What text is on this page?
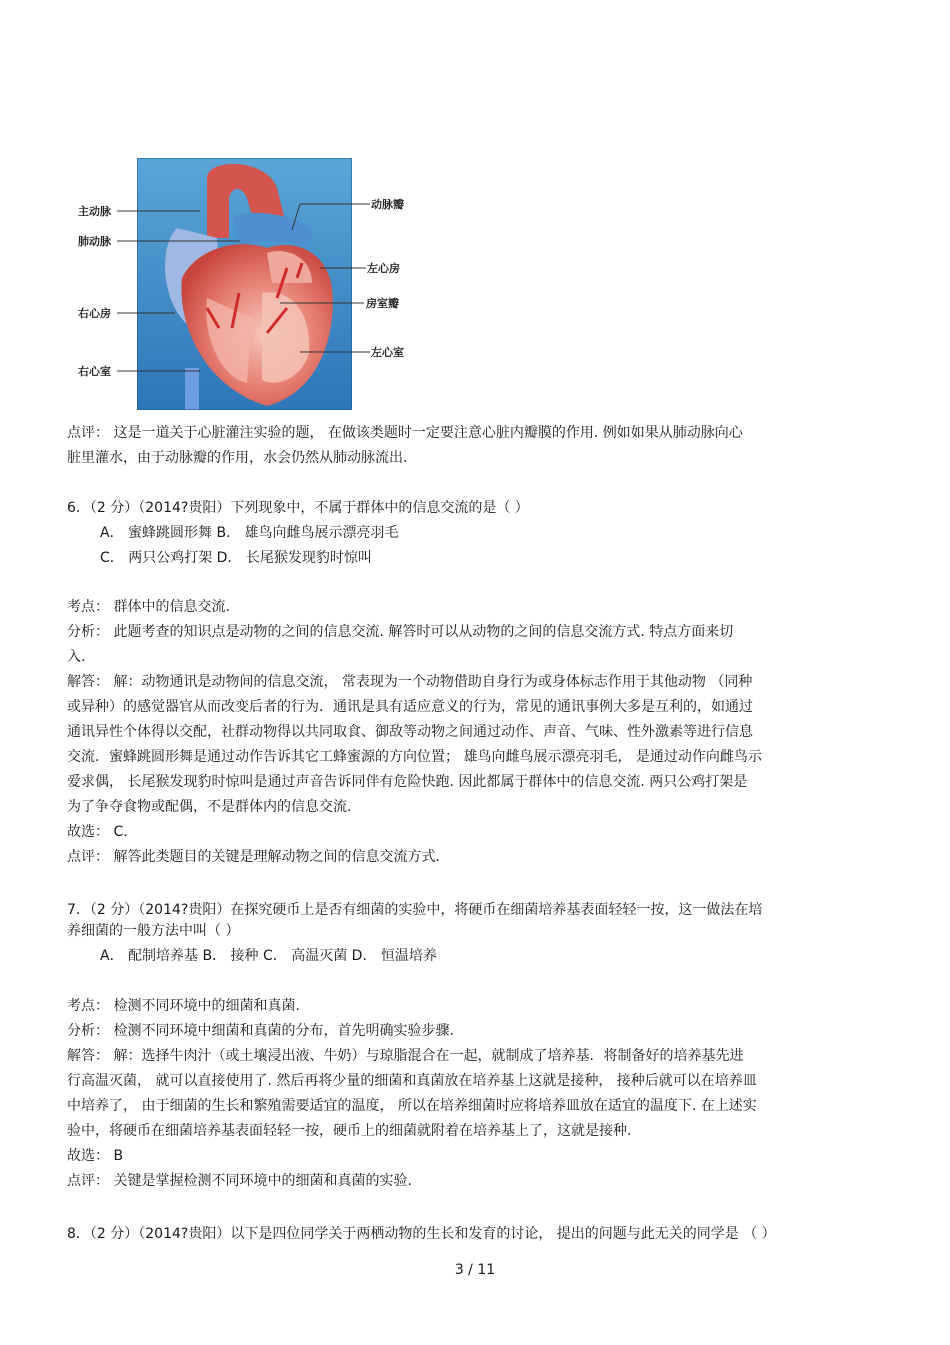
主动脉
肺动脉
右心房
右心室
动脉瓣
左心房
房室瓣
左心室
点评： 这是一道关于心脏灌注实验的题， 在做该类题时一定要注意心脏内瓣膜的作用. 例如如果从肺动脉向心
脏里灌水，由于动脉瓣的作用，水会仍然从肺动脉流出.
6．（2 分）（2014?贵阳）下列现象中，不属于群体中的信息交流的是（ ）
A． 蜜蜂跳圆形舞 B． 雄鸟向雌鸟展示漂亮羽毛
C． 两只公鸡打架 D． 长尾猴发现豹时惊叫
考点： 群体中的信息交流.
分析： 此题考查的知识点是动物的之间的信息交流. 解答时可以从动物的之间的信息交流方式. 特点方面来切
入.
解答： 解：动物通讯是动物间的信息交流， 常表现为一个动物借助自身行为或身体标志作用于其他动物 （同种
或异种）的感觉器官从而改变后者的行为．通讯是具有适应意义的行为，常见的通讯事例大多是互利的，如通过
通讯异性个体得以交配，社群动物得以共同取食、御敌等动物之间通过动作、声音、气味、性外激素等进行信息
交流．蜜蜂跳圆形舞是通过动作告诉其它工蜂蜜源的方向位置； 雄鸟向雌鸟展示漂亮羽毛， 是通过动作向雌鸟示
爱求偶， 长尾猴发现豹时惊叫是通过声音告诉同伴有危险快跑. 因此都属于群体中的信息交流. 两只公鸡打架是
为了争夺食物或配偶，不是群体内的信息交流.
故选： C.
点评： 解答此类题目的关键是理解动物之间的信息交流方式.
7．（2 分）（2014?贵阳）在探究硬币上是否有细菌的实验中，将硬币在细菌培养基表面轻轻一按，这一做法在培
养细菌的一般方法中叫（ ）
A． 配制培养基 B． 接种 C． 高温灭菌 D． 恒温培养
考点： 检测不同环境中的细菌和真菌.
分析： 检测不同环境中细菌和真菌的分布，首先明确实验步骤.
解答： 解：选择牛肉汁（或土壤浸出液、牛奶）与琼脂混合在一起，就制成了培养基．将制备好的培养基先进
行高温灭菌， 就可以直接使用了. 然后再将少量的细菌和真菌放在培养基上这就是接种， 接种后就可以在培养皿
中培养了， 由于细菌的生长和繁殖需要适宜的温度， 所以在培养细菌时应将培养皿放在适宜的温度下. 在上述实
验中，将硬币在细菌培养基表面轻轻一按，硬币上的细菌就附着在培养基上了，这就是接种.
故选： B
点评： 关键是掌握检测不同环境中的细菌和真菌的实验.
8．（2 分）（2014?贵阳）以下是四位同学关于两栖动物的生长和发育的讨论， 提出的问题与此无关的同学是 （ ）
3 / 11
